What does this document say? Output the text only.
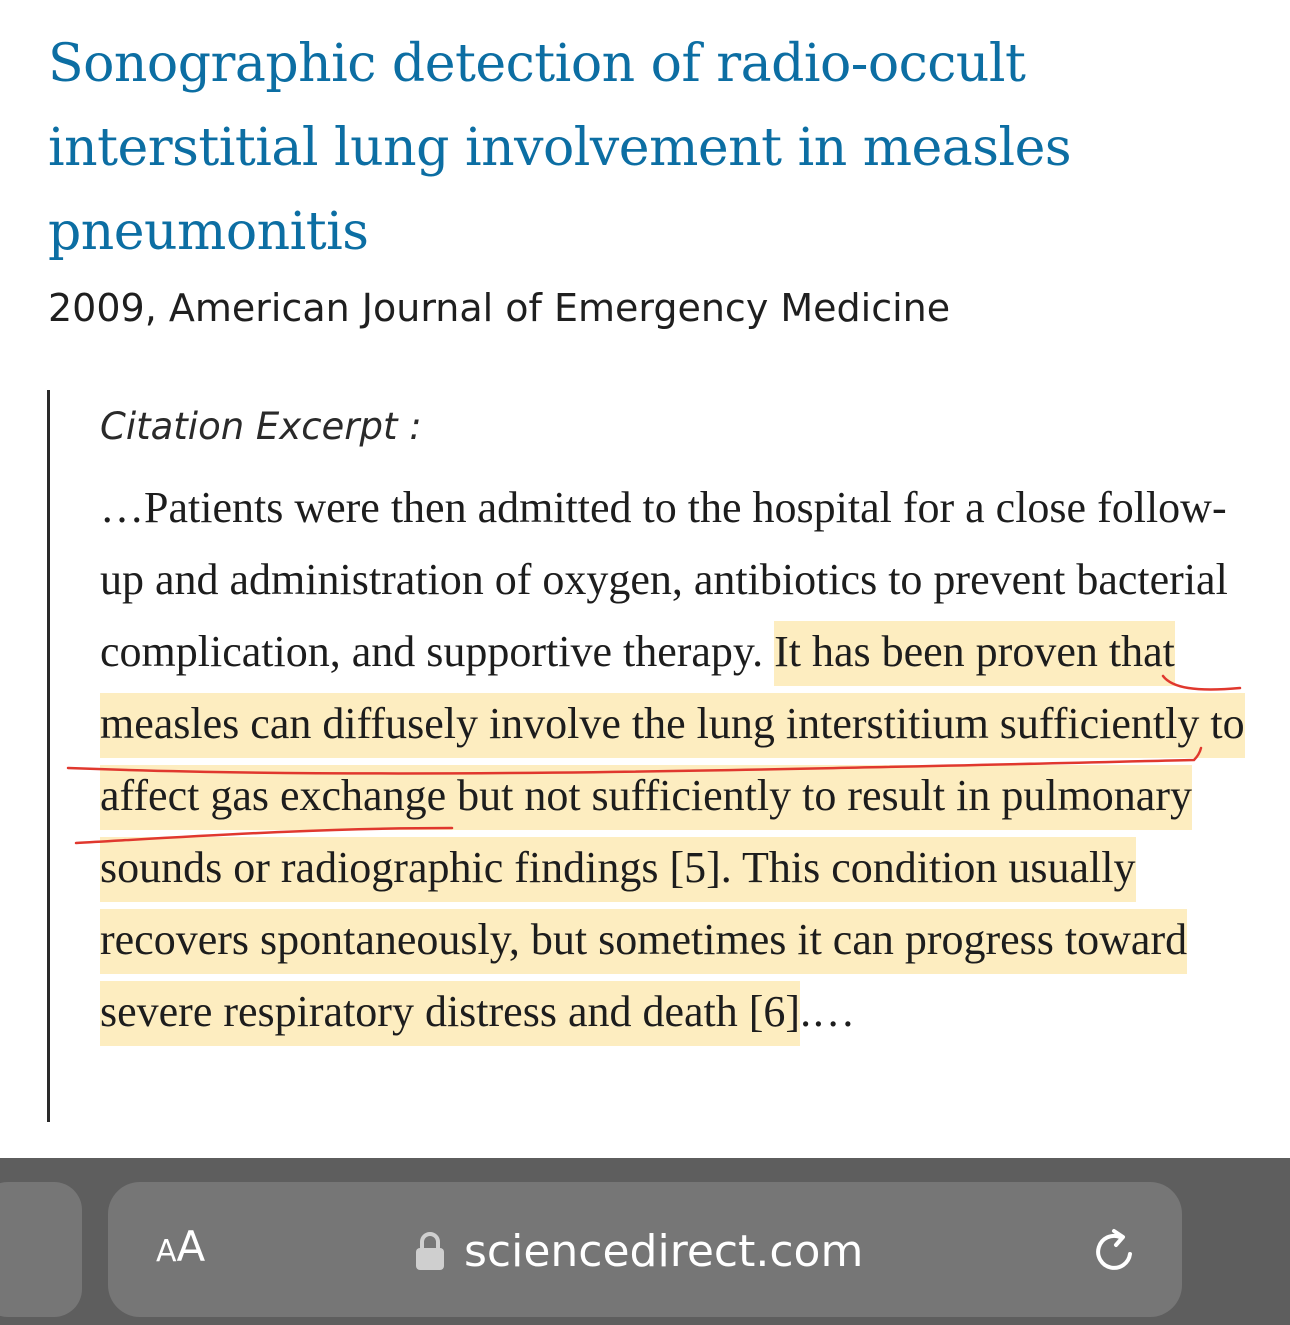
Sonographic detection of radio-occult interstitial lung involvement in measles pneumonitis
2009, American Journal of Emergency Medicine
Citation Excerpt :

…Patients were then admitted to the hospital for a close follow-up and administration of oxygen, antibiotics to prevent bacterial complication, and supportive therapy. It has been proven that measles can diffusely involve the lung interstitium sufficiently to affect gas exchange but not sufficiently to result in pulmonary sounds or radiographic findings [5]. This condition usually recovers spontaneously, but sometimes it can progress toward severe respiratory distress and death [6].…

A A	sciencedirect.com
